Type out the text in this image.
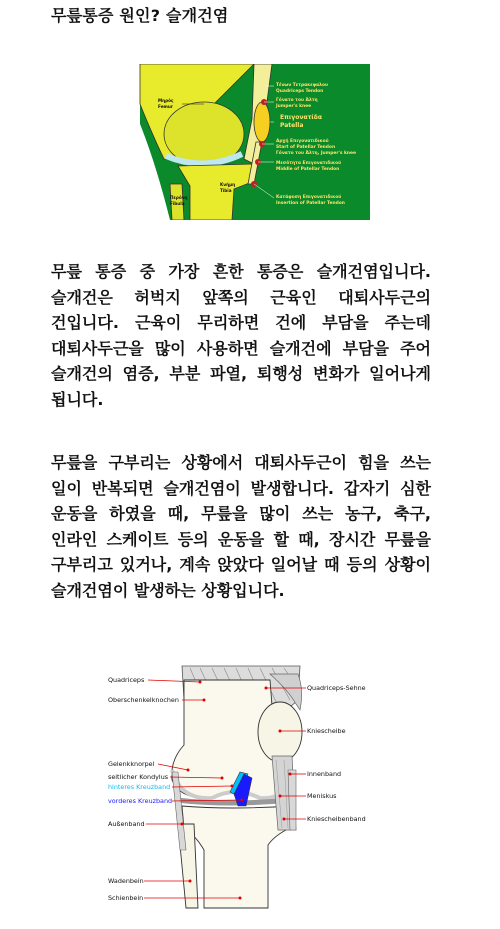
무릎통증 원인? 슬개건염
Τένων Τετρακεφαλου
Quadriceps Tendon
Γόνατο του Άλτη
Jumper's knee
Επιγονατίδα
Patella
Αρχή Επιγονατιδικού
Start of Patellar Tendon
Γόνατο του Άλτη, Jumper's knee
Μεσότητα Επιγονατιδικού
Middle of Patellar Tendon
Κατάφυση Επιγονατιδικού
Insertion of Patellar Tendon
Μηρός
Femur
Κνήμη
Tibia
Περόνη
Fibula
무릎 통증 중 가장 흔한 통증은 슬개건염입니다. 슬개건은 허벅지 앞쪽의 근육인 대퇴사두근의 건입니다. 근육이 무리하면 건에 부담을 주는데 대퇴사두근을 많이 사용하면 슬개건에 부담을 주어 슬개건의 염증, 부분 파열, 퇴행성 변화가 일어나게 됩니다.
무릎을 구부리는 상황에서 대퇴사두근이 힘을 쓰는 일이 반복되면 슬개건염이 발생합니다. 갑자기 심한 운동을 하였을 때, 무릎을 많이 쓰는 농구, 축구, 인라인 스케이트 등의 운동을 할 때, 장시간 무릎을 구부리고 있거나, 계속 앉았다 일어날 때 등의 상황이 슬개건염이 발생하는 상황입니다.
Quadriceps
Oberschenkelknochen
Gelenkknorpel
seitlicher Kondylus
hinteres Kreuzband
vorderes Kreuzband
Außenband
Wadenbein
Schienbein
Quadriceps-Sehne
Kniescheibe
Innenband
Meniskus
Kniescheibenband
